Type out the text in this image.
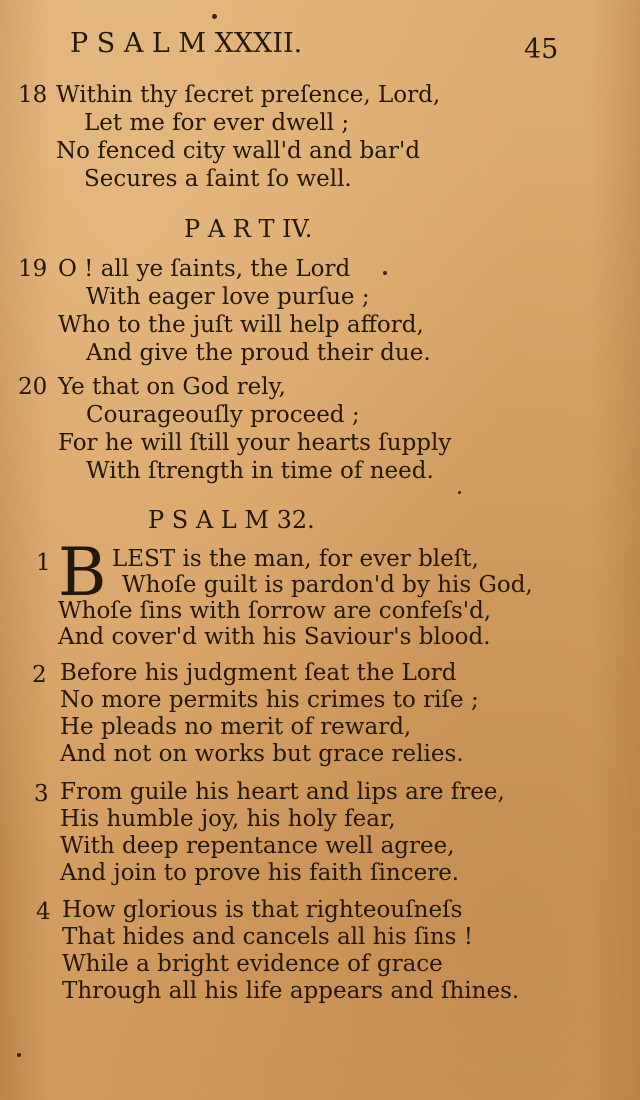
P S A L M XXXII.	45
18 Within thy ſecret preſence, Lord,
Let me for ever dwell ;
No fenced city wall'd and bar'd
Secures a ſaint ſo well.
P A R T IV.
19 O ! all ye ſaints, the Lord
With eager love purſue ;
Who to the juſt will help afford,
And give the proud their due.
20 Ye that on God rely,
Courageouſly proceed ;
For he will ſtill your hearts ſupply
With ſtrength in time of need.
P S A L M 32.
1 B LEST is the man, for ever bleſt,
Whoſe guilt is pardon'd by his God,
Whoſe ſins with ſorrow are confeſs'd,
And cover'd with his Saviour's blood.
2 Before his judgment ſeat the Lord
No more permits his crimes to riſe ;
He pleads no merit of reward,
And not on works but grace relies.
3 From guile his heart and lips are free,
His humble joy, his holy fear,
With deep repentance well agree,
And join to prove his faith ſincere.
4 How glorious is that righteouſneſs
That hides and cancels all his ſins !
While a bright evidence of grace
Through all his life appears and ſhines.
